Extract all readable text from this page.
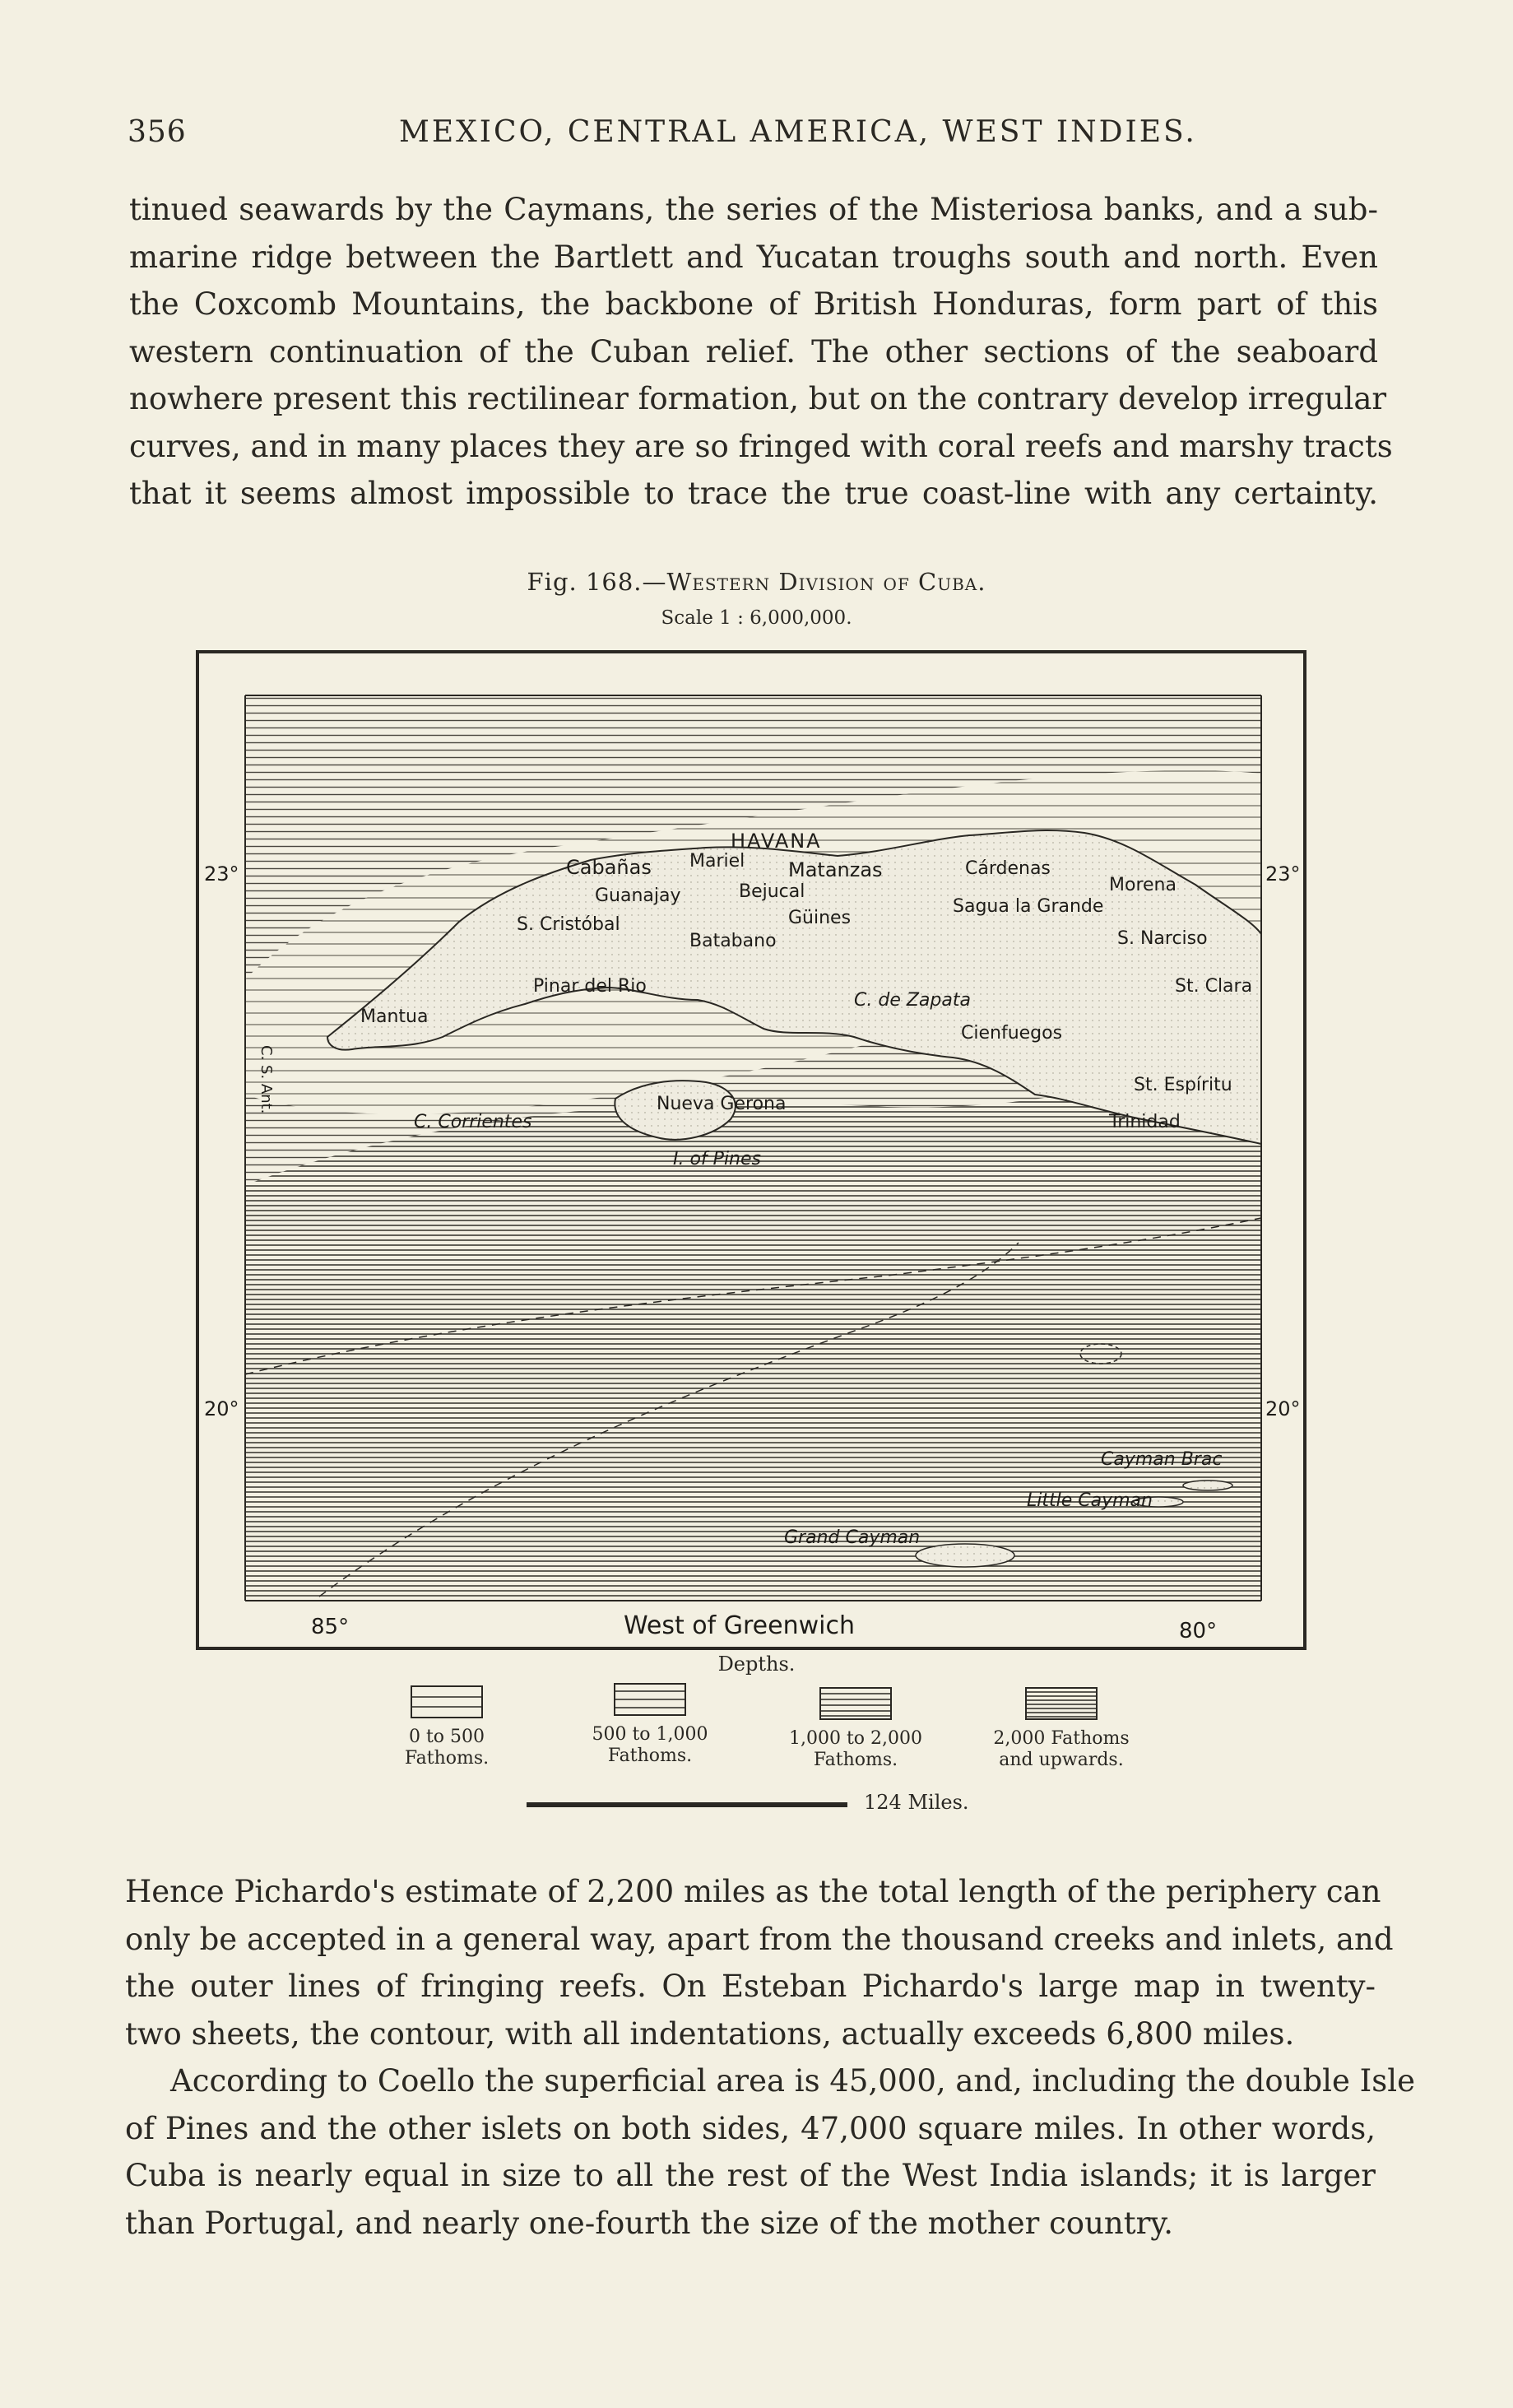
356	MEXICO, CENTRAL AMERICA, WEST INDIES.
tinued seawards by the Caymans, the series of the Misteriosa banks, and a sub-
marine ridge between the Bartlett and Yucatan troughs south and north. Even
the Coxcomb Mountains, the backbone of British Honduras, form part of this
western continuation of the Cuban relief. The other sections of the seaboard
nowhere present this rectilinear formation, but on the contrary develop irregular
curves, and in many places they are so fringed with coral reefs and marshy tracts
that it seems almost impossible to trace the true coast-line with any certainty.
Fig. 168.—Western Division of Cuba.
Scale 1 : 6,000,000.
HAVANA
Mariel
Cabañas	Matanzas	Cárdenas
Guanajay	Bejucal
Güines
Sagua la Grande
Morena
S. Cristóbal
Batabano	S. Narciso
Pinar del Rio
C. de Zapata
St. Clara
Mantua
Cienfuegos
St. Espíritu
C. S. Ant.
C. Corrientes
Nueva Gerona
Trinidad
I. of Pines
Cayman Brac
Little Cayman
Grand Cayman
23°	23°
20°	20°
85°	80°
West of Greenwich
Depths.
0 to 500
Fathoms.
500 to 1,000
Fathoms.
1,000 to 2,000
Fathoms.
2,000 Fathoms
and upwards.
124 Miles.
Hence Pichardo's estimate of 2,200 miles as the total length of the periphery can
only be accepted in a general way, apart from the thousand creeks and inlets, and
the outer lines of fringing reefs. On Esteban Pichardo's large map in twenty-
two sheets, the contour, with all indentations, actually exceeds 6,800 miles.
According to Coello the superficial area is 45,000, and, including the double Isle
of Pines and the other islets on both sides, 47,000 square miles. In other words,
Cuba is nearly equal in size to all the rest of the West India islands; it is larger
than Portugal, and nearly one-fourth the size of the mother country.
